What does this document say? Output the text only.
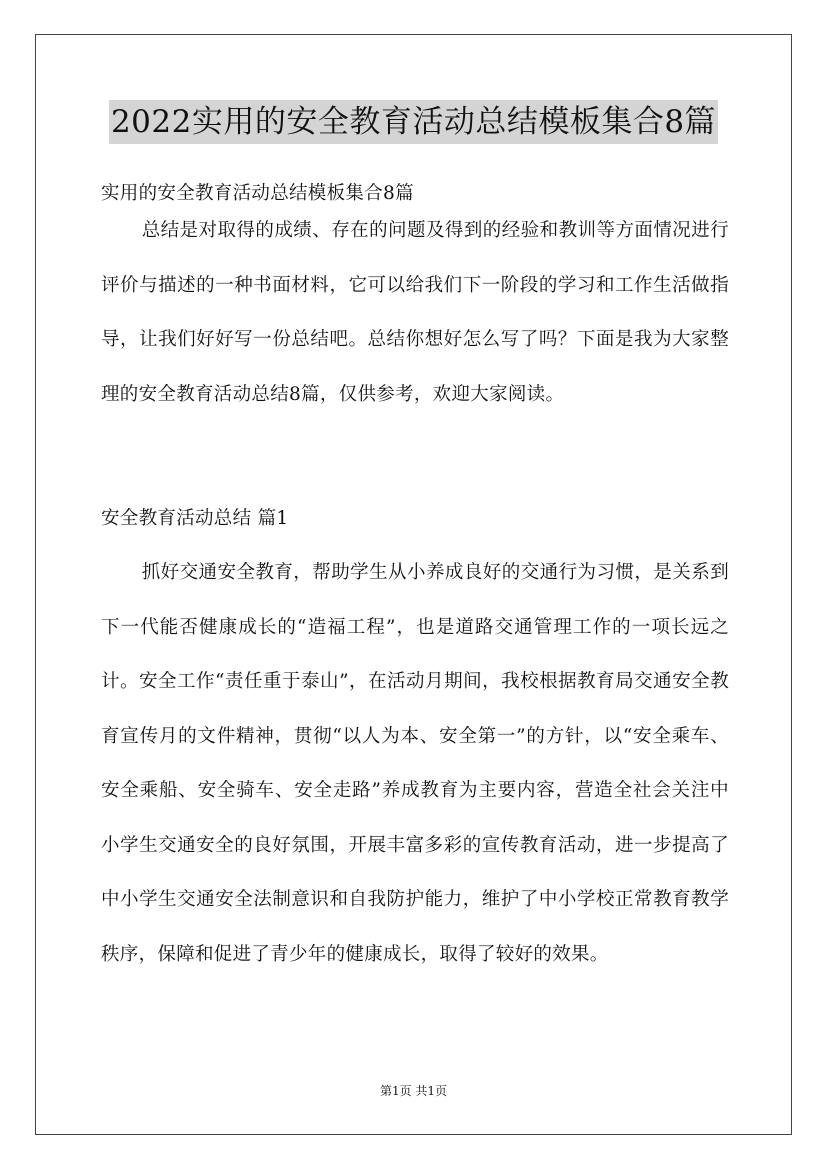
2022实用的安全教育活动总结模板集合8篇
实用的安全教育活动总结模板集合8篇

总结是对取得的成绩、存在的问题及得到的经验和教训等方面情况进行评价与描述的一种书面材料，它可以给我们下一阶段的学习和工作生活做指导，让我们好好写一份总结吧。总结你想好怎么写了吗？下面是我为大家整理的安全教育活动总结8篇，仅供参考，欢迎大家阅读。

安全教育活动总结 篇1

抓好交通安全教育，帮助学生从小养成良好的交通行为习惯，是关系到下一代能否健康成长的“造福工程”，也是道路交通管理工作的一项长远之计。安全工作“责任重于泰山”，在活动月期间，我校根据教育局交通安全教育宣传月的文件精神，贯彻“以人为本、安全第一”的方针，以“安全乘车、安全乘船、安全骑车、安全走路”养成教育为主要内容，营造全社会关注中小学生交通安全的良好氛围，开展丰富多彩的宣传教育活动，进一步提高了中小学生交通安全法制意识和自我防护能力，维护了中小学校正常教育教学秩序，保障和促进了青少年的健康成长，取得了较好的效果。

第1页 共1页
